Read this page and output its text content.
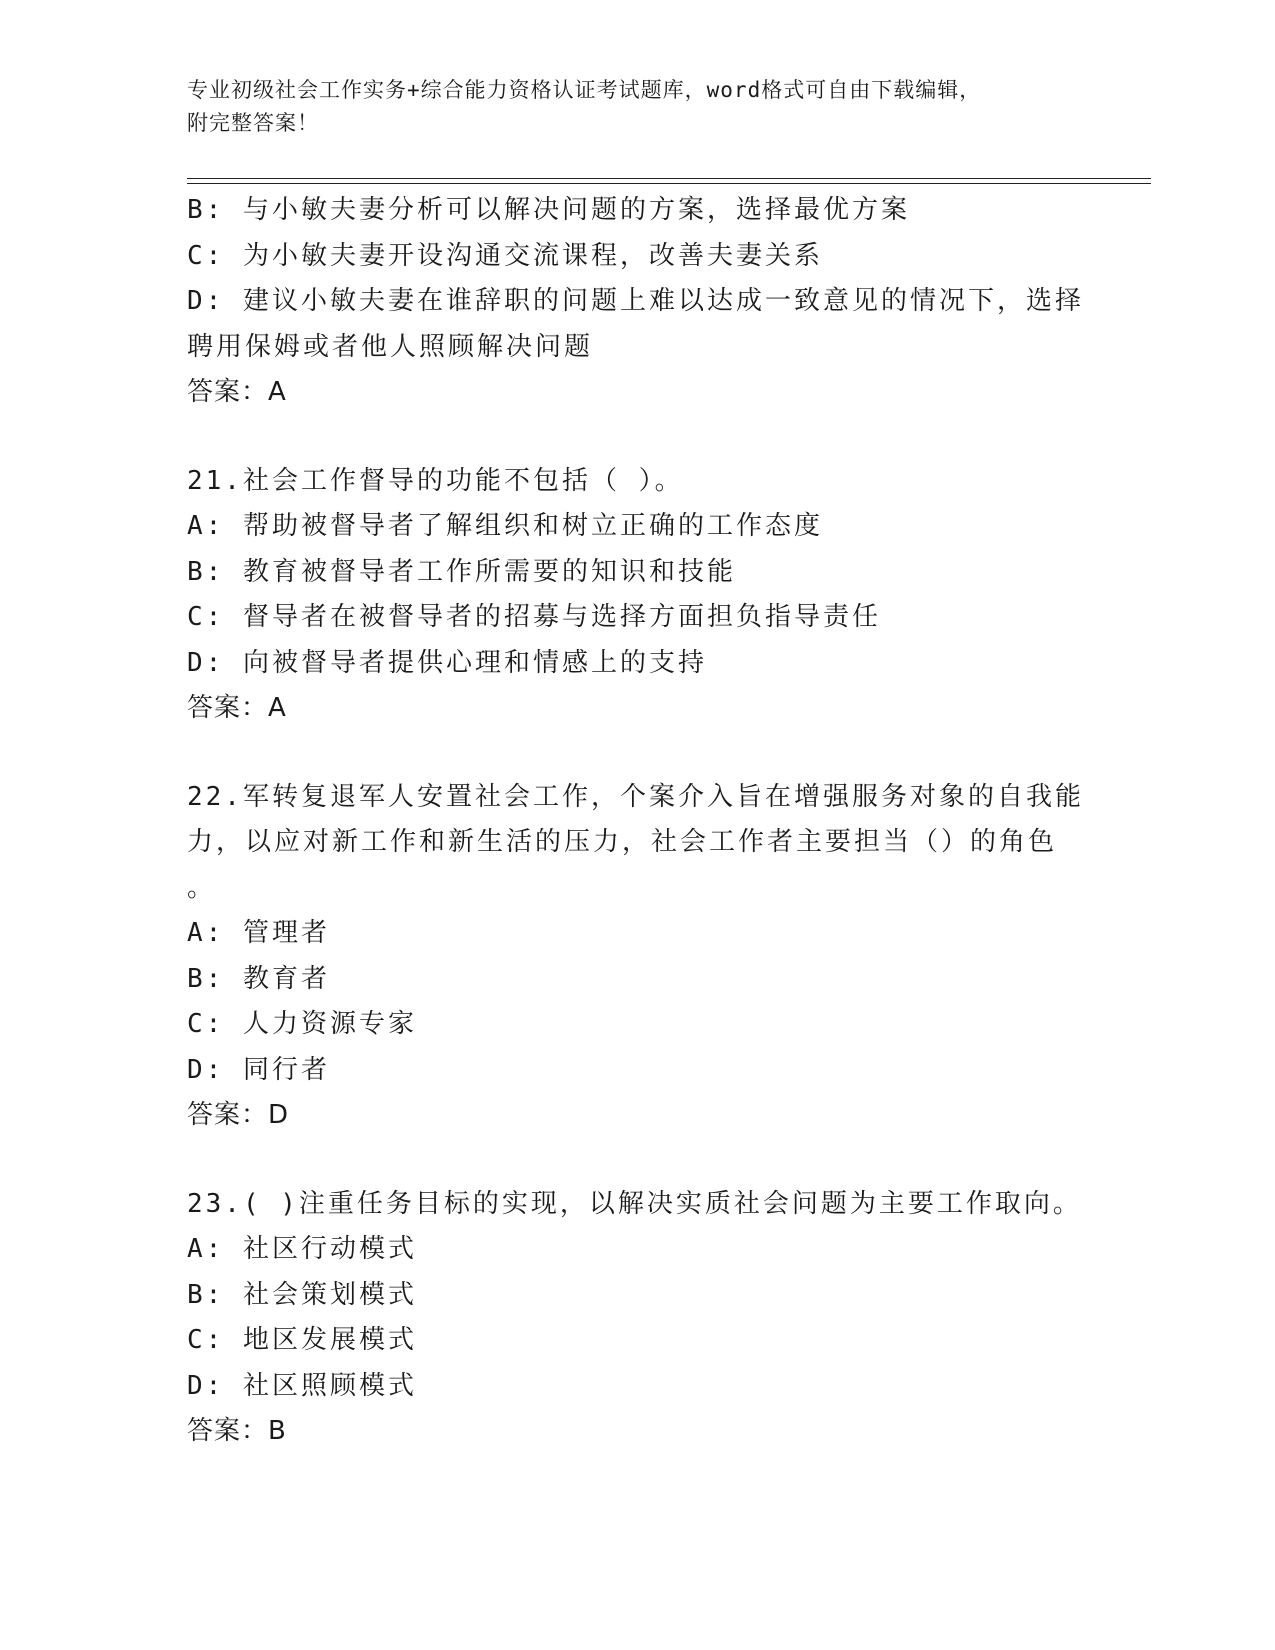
专业初级社会工作实务+综合能力资格认证考试题库，word格式可自由下载编辑，
附完整答案！
B: 与小敏夫妻分析可以解决问题的方案，选择最优方案
C: 为小敏夫妻开设沟通交流课程，改善夫妻关系
D: 建议小敏夫妻在谁辞职的问题上难以达成一致意见的情况下，选择
聘用保姆或者他人照顾解决问题
答案：A
21.社会工作督导的功能不包括（ ）。
A: 帮助被督导者了解组织和树立正确的工作态度
B: 教育被督导者工作所需要的知识和技能
C: 督导者在被督导者的招募与选择方面担负指导责任
D: 向被督导者提供心理和情感上的支持
答案：A
22.军转复退军人安置社会工作，个案介入旨在增强服务对象的自我能
力，以应对新工作和新生活的压力，社会工作者主要担当（）的角色
。
A: 管理者
B: 教育者
C: 人力资源专家
D: 同行者
答案：D
23.( )注重任务目标的实现，以解决实质社会问题为主要工作取向。
A: 社区行动模式
B: 社会策划模式
C: 地区发展模式
D: 社区照顾模式
答案：B
